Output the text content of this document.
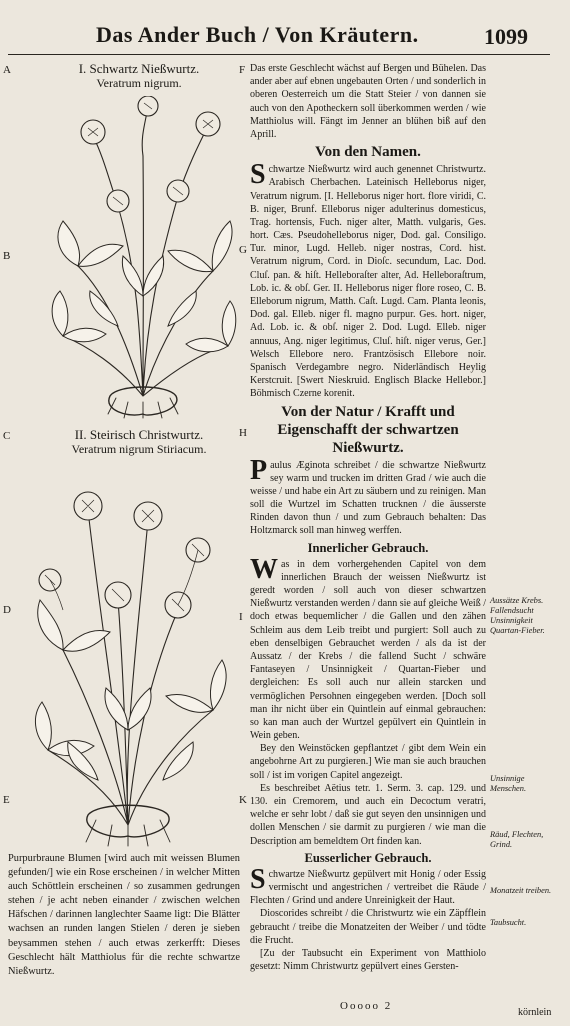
Das Ander Buch / Von Kräutern.	1099
A
B
C
D
E
F
G
H
I
K
I. Schwartz Nießwurtz.
Veratrum nigrum.
II. Steirisch Christwurtz.
Veratrum nigrum Stiriacum.
Purpurbraune Blumen [wird auch mit weissen Blumen gefunden/] wie ein Rose erscheinen / in welcher Mitten auch Schöttlein erscheinen / so zusammen gedrungen stehen / je acht neben einander / zwischen welchen Häfschen / darinnen langlechter Saame ligt: Die Blätter wachsen an runden langen Stielen / deren je sieben beysammen stehen / auch etwas zerkerfft: Dieses Geschlecht hält Matthiolus für die rechte schwartze Nießwurtz.

Das erste Geschlecht wächst auf Bergen und Bühelen. Das ander aber auf ebnen ungebauten Orten / und sonderlich in oberen Oesterreich um die Statt Steier / von dannen sie auch von den Apotheckern soll überkommen werden / wie Matthiolus will. Fängt im Jenner an blühen biß auf den Aprill.

Von den Namen.

Schwartze Nießwurtz wird auch genennet Christwurtz. Arabisch Cherbachen. Lateinisch Helleborus niger, Veratrum nigrum. [I. Helleborus niger hort. flore viridi, C. B. niger, Brunf. Elleborus niger adulterinus domesticus, Trag. hortensis, Fuch. niger alter, Matth. vulgaris, Ges. hort. Cæs. Pseudohelleborus niger, Dod. gal. Consiligo. Tur. minor, Lugd. Helleb. niger nostras, Cord. hist. Veratrum nigrum, Cord. in Dioſc. secundum, Lac. Dod. Cluſ. pan. & hiſt. Helleboraſter alter, Ad. Helleboraſtrum, Lob. ic. & obſ. Ger. II. Helleborus niger flore roseo, C. B. Elleborum nigrum, Matth. Caſt. Lugd. Cam. Planta leonis, Dod. gal. Elleb. niger fl. magno purpur. Ges. hort. niger, Ad. Lob. ic. & obſ. niger 2. Dod. Lugd. Elleb. niger annuus, Ang. niger legitimus, Cluſ. hiſt. niger verus, Ger.] Welsch Ellebore nero. Frantzösisch Ellebore noir. Spanisch Verdegambre negro. Niderländisch Heylig Kerstcruit. [Swert Nieskruid. Englisch Blacke Hellebor.] Böhmisch Czerne korenit.

Von der Natur / Krafft und Eigenschafft der schwartzen Nießwurtz.

Paulus Æginota schreibet / die schwartze Nießwurtz sey warm und trucken im dritten Grad / wie auch die weisse / und habe ein Art zu säubern und zu reinigen. Man soll die Wurtzel im Schatten trucknen / die äusserste Rinden davon thun / und zum Gebrauch behalten: Das Holtzmarck soll man hinweg werffen.

Innerlicher Gebrauch.

Was in dem vorhergehenden Capitel von dem innerlichen Brauch der weissen Nießwurtz ist geredt worden / soll auch von dieser schwartzen Nießwurtz verstanden werden / dann sie auf gleiche Weiß / doch etwas bequemlicher / die Gallen und den zähen Schleim aus dem Leib treibt und purgiert: Soll auch zu eben denselbigen Gebrauchet werden / als da ist der Aussatz / der Krebs / die fallend Sucht / schwäre Fantaseyen / Unsinnigkeit / Quartan-Fieber und dergleichen: Es soll auch nur allein starcken und vermöglichen Persohnen eingegeben werden. [Doch soll man ihr nicht über ein Quintlein auf einmal gebrauchen: so kan man auch der Wurtzel gepülvert ein Quintlein in Wein geben.

Bey den Weinstöcken gepflantzet / gibt dem Wein ein angebohrne Art zu purgieren.] Wie man sie auch brauchen soll / ist im vorigen Capitel angezeigt.

Es beschreibet Aëtius tetr. 1. Serm. 3. cap. 129. und 130. ein Cremorem, und auch ein Decoctum veratri, welche er sehr lobt / daß sie gut seyen den unsinnigen und dollen Menschen / sie darmit zu purgieren / wie man die Description am bemeldtem Ort finden kan.

Eusserlicher Gebrauch.

Schwartze Nießwurtz gepülvert mit Honig / oder Essig vermischt und angestrichen / vertreibet die Räude / Flechten / Grind und andere Unreinigkeit der Haut.

Dioscorides schreibt / die Christwurtz wie ein Zäpfflein gebraucht / treibe die Monatzeiten der Weiber / und tödte die Frucht.

[Zu der Taubsucht ein Experiment von Matthiolo gesetzt: Nimm Christwurtz gepülvert eines Gersten-

Aussätze Krebs. Fallendsucht Unsinnigkeit Quartan-Fieber.
Unsinnige Menschen.
Räud, Flechten, Grind.
Monatzeit treiben.
Taubsucht.
Ooooo 2
körnlein
